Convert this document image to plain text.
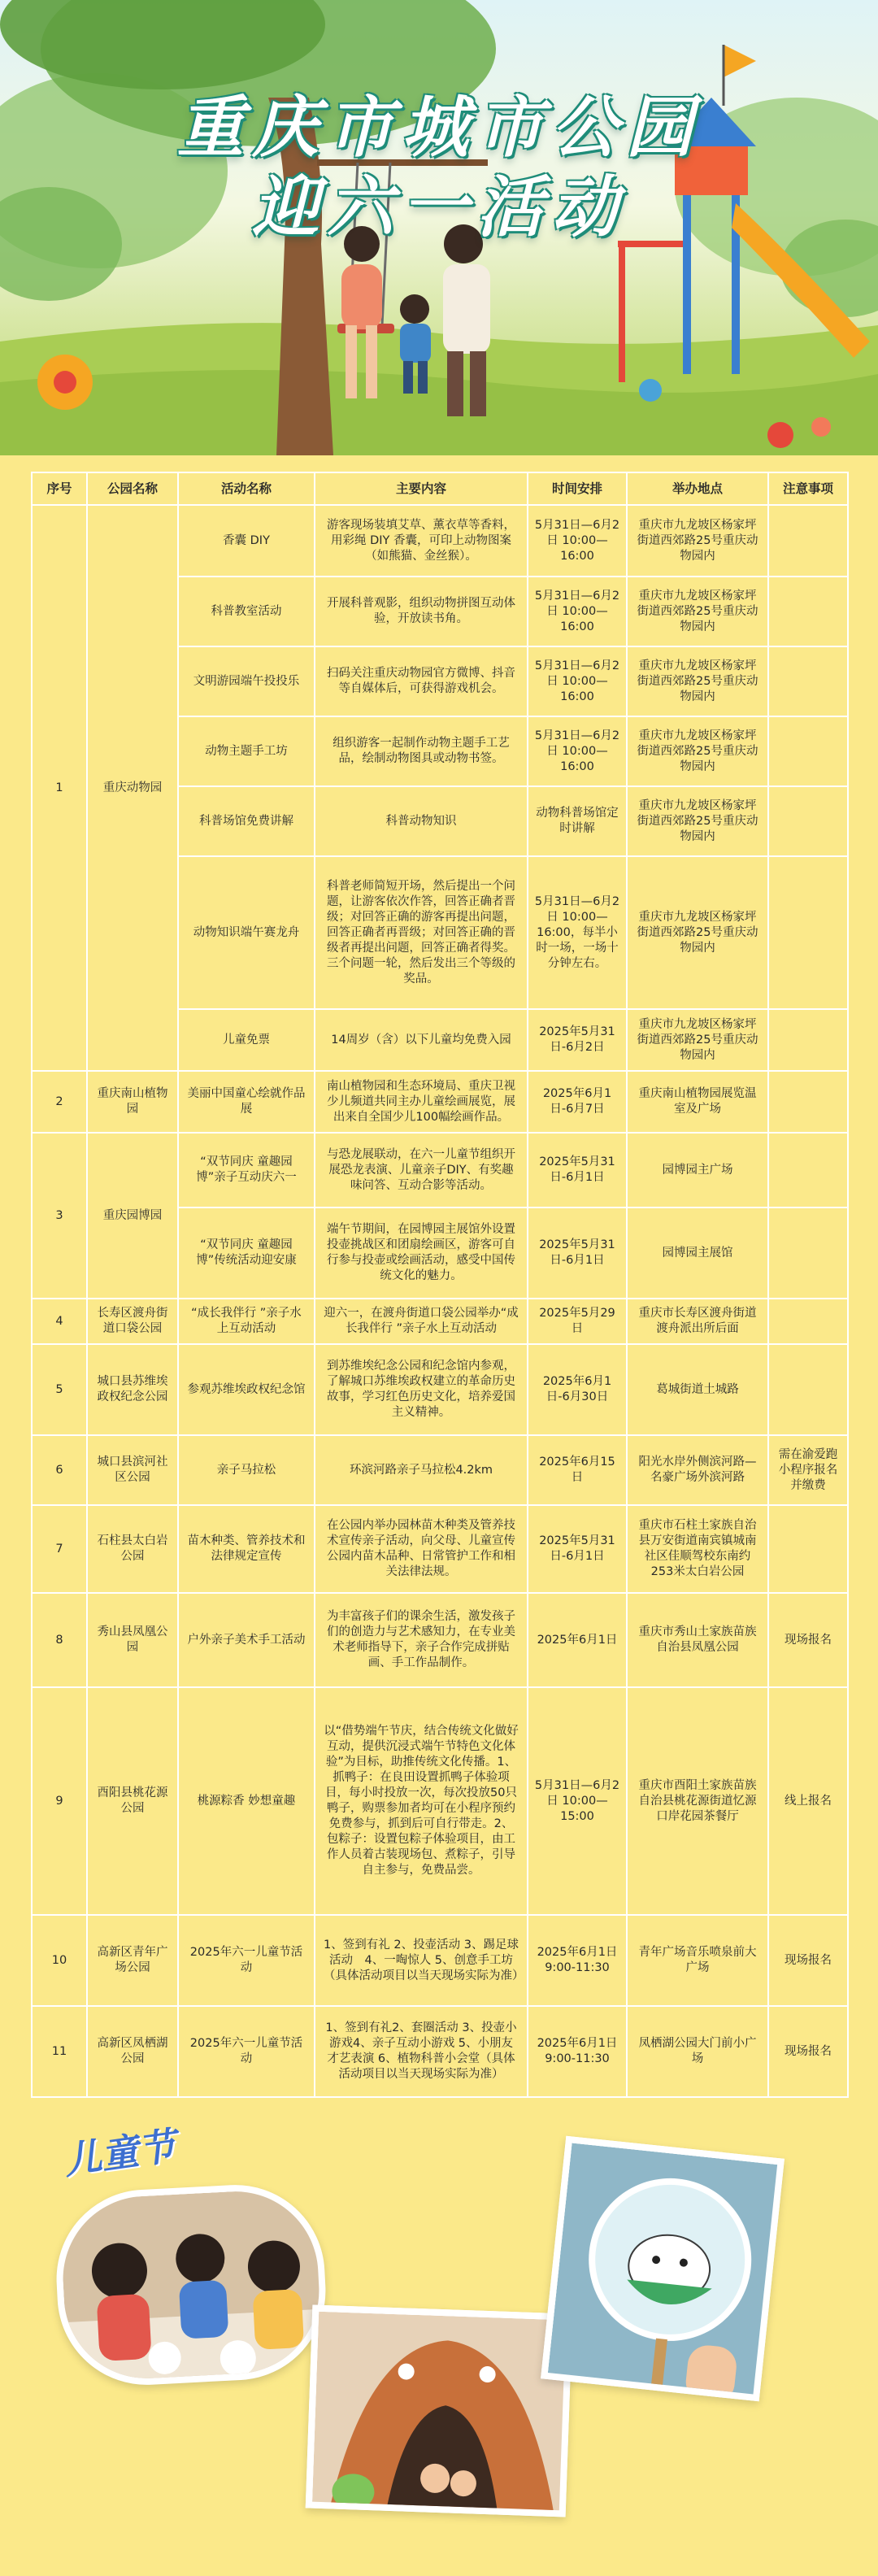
重庆市城市公园
迎六一活动
序号	公园名称	活动名称	主要内容	时间安排	举办地点	注意事项
1	重庆动物园	香囊 DIY	游客现场装填艾草、薰衣草等香料，用彩绳 DIY 香囊，可印上动物图案（如熊猫、金丝猴）。	5月31日—6月2日 10:00—16:00	重庆市九龙坡区杨家坪街道西郊路25号重庆动物园内	
		科普教室活动	开展科普观影，组织动物拼图互动体验，开放读书角。	5月31日—6月2日 10:00—16:00	重庆市九龙坡区杨家坪街道西郊路25号重庆动物园内	
		文明游园端午投投乐	扫码关注重庆动物园官方微博、抖音等自媒体后，可获得游戏机会。	5月31日—6月2日 10:00—16:00	重庆市九龙坡区杨家坪街道西郊路25号重庆动物园内	
		动物主题手工坊	组织游客一起制作动物主题手工艺品，绘制动物图具或动物书签。	5月31日—6月2日 10:00—16:00	重庆市九龙坡区杨家坪街道西郊路25号重庆动物园内	
		科普场馆免费讲解	科普动物知识	动物科普场馆定时讲解	重庆市九龙坡区杨家坪街道西郊路25号重庆动物园内	
		动物知识端午赛龙舟	科普老师简短开场，然后提出一个问题，让游客依次作答，回答正确者晋级；对回答正确的游客再提出问题，回答正确者再晋级；对回答正确的晋级者再提出问题，回答正确者得奖。三个问题一轮，然后发出三个等级的奖品。	5月31日—6月2日 10:00—16:00，每半小时一场，一场十分钟左右。	重庆市九龙坡区杨家坪街道西郊路25号重庆动物园内	
		儿童免票	14周岁（含）以下儿童均免费入园	2025年5月31日-6月2日	重庆市九龙坡区杨家坪街道西郊路25号重庆动物园内	
2	重庆南山植物园	美丽中国童心绘就作品展	南山植物园和生态环境局、重庆卫视少儿频道共同主办儿童绘画展览，展出来自全国少儿100幅绘画作品。	2025年6月1日-6月7日	重庆南山植物园展览温室及广场	
3	重庆园博园	“双节同庆 童趣园博”亲子互动庆六一	与恐龙展联动，在六一儿童节组织开展恐龙表演、儿童亲子DIY、有奖趣味问答、互动合影等活动。	2025年5月31日-6月1日	园博园主广场	
		“双节同庆 童趣园博”传统活动迎安康	端午节期间，在园博园主展馆外设置投壶挑战区和团扇绘画区，游客可自行参与投壶或绘画活动，感受中国传统文化的魅力。	2025年5月31日-6月1日	园博园主展馆	
4	长寿区渡舟街道口袋公园	“成长我伴行 ”亲子水上互动活动	迎六一，在渡舟街道口袋公园举办“成长我伴行 ”亲子水上互动活动	2025年5月29日	重庆市长寿区渡舟街道渡舟派出所后面	
5	城口县苏维埃政权纪念公园	参观苏维埃政权纪念馆	到苏维埃纪念公园和纪念馆内参观，了解城口苏维埃政权建立的革命历史故事，学习红色历史文化，培养爱国主义精神。	2025年6月1日-6月30日	葛城街道土城路	
6	城口县滨河社区公园	亲子马拉松	环滨河路亲子马拉松4.2km	2025年6月15日	阳光水岸外侧滨河路—名豪广场外滨河路	需在渝爱跑小程序报名并缴费
7	石柱县太白岩公园	苗木种类、管养技术和法律规定宣传	在公园内举办园林苗木种类及管养技术宣传亲子活动，向父母、儿童宣传公园内苗木品种、日常管护工作和相关法律法规。	2025年5月31日-6月1日	重庆市石柱土家族自治县万安街道南宾镇城南社区佳顺驾校东南约253米太白岩公园	
8	秀山县凤凰公园	户外亲子美术手工活动	为丰富孩子们的课余生活，激发孩子们的创造力与艺术感知力，在专业美术老师指导下，亲子合作完成拼贴画、手工作品制作。	2025年6月1日	重庆市秀山土家族苗族自治县凤凰公园	现场报名
9	酉阳县桃花源公园	桃源粽香 妙想童趣	以“借势端午节庆，结合传统文化做好互动，提供沉浸式端午节特色文化体验”为目标，助推传统文化传播。1、抓鸭子：在良田设置抓鸭子体验项目，每小时投放一次，每次投放50只鸭子，购票参加者均可在小程序预约免费参与，抓到后可自行带走。2、包粽子：设置包粽子体验项目，由工作人员着古装现场包、煮粽子，引导自主参与，免费品尝。	5月31日—6月2日 10:00—15:00	重庆市酉阳土家族苗族自治县桃花源街道忆源口岸花园茶餐厅	线上报名
10	高新区青年广场公园	2025年六一儿童节活动	1、签到有礼 2、投壶活动 3、踢足球活动　4、一啕惊人 5、创意手工坊（具体活动项目以当天现场实际为准）	2025年6月1日 9:00-11:30	青年广场音乐喷泉前大广场	现场报名
11	高新区凤栖湖公园	2025年六一儿童节活动	1、签到有礼2、套圈活动 3、投壶小游戏4、亲子互动小游戏 5、小朋友才艺表演 6、植物科普小会堂（具体活动项目以当天现场实际为准）	2025年6月1日 9:00-11:30	凤栖湖公园大门前小广场	现场报名
儿童节
